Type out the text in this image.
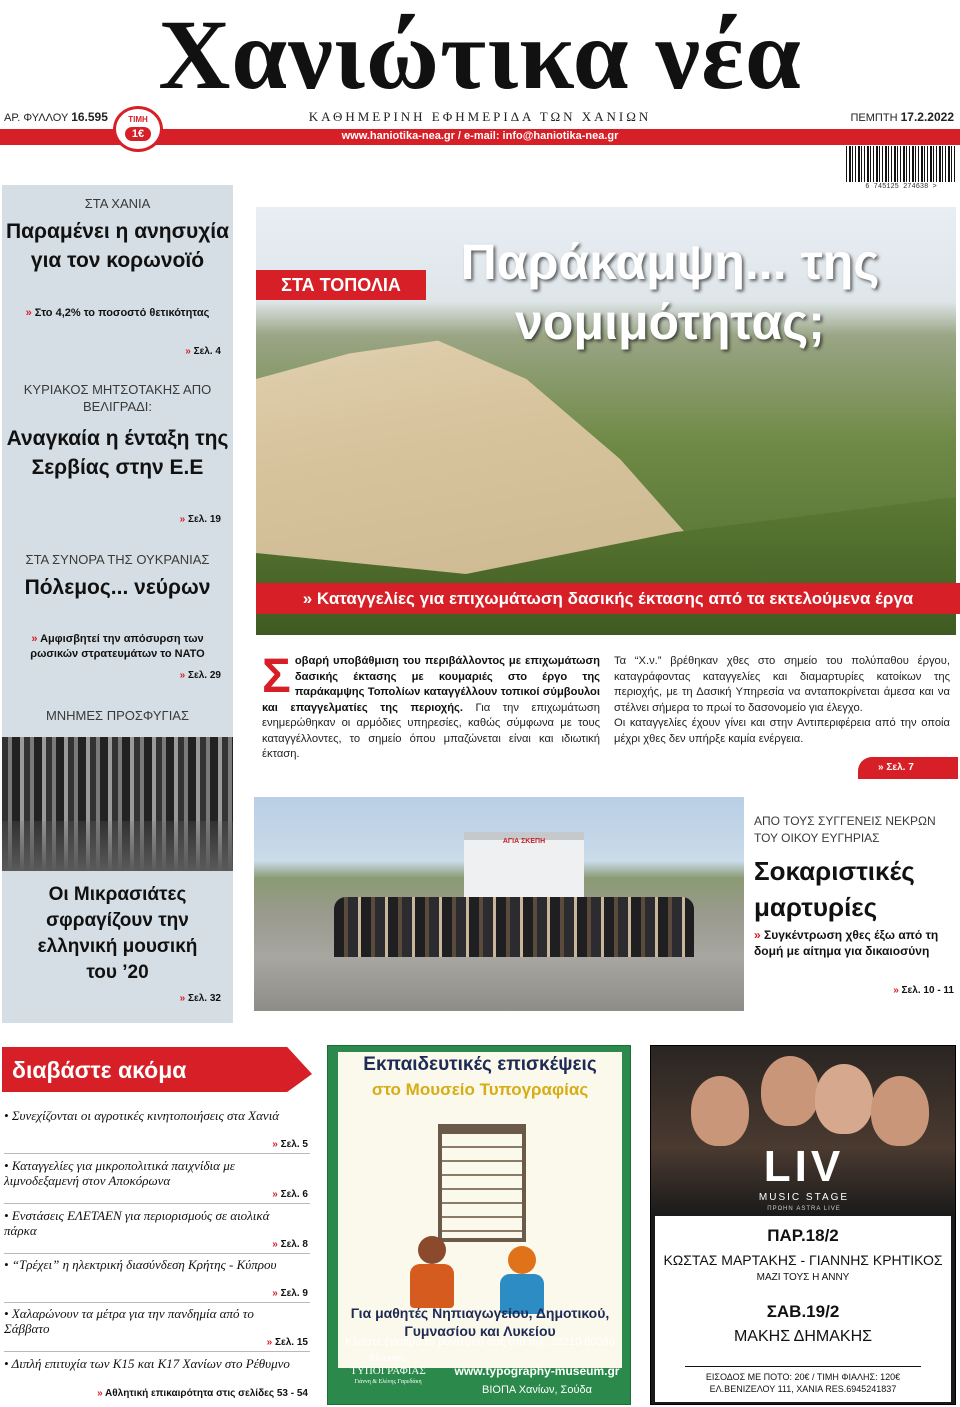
Χανιώτικα νέα
ΑΡ. ΦΥΛΛΟΥ 16.595	ΤΙΜΗ
1€
ΚΑΘΗΜΕΡΙΝΗ ΕΦΗΜΕΡΙΔΑ ΤΩΝ ΧΑΝΙΩΝ	ΠΕΜΠΤΗ 17.2.2022
www.haniotika-nea.gr / e-mail: info@haniotika-nea.gr
6 745125 274638 >
ΣΤΑ ΧΑΝΙΑ
Παραμένει η ανησυχία για τον κορωνοϊό
» Στο 4,2% το ποσοστό θετικότητας
» Σελ. 4
ΚΥΡΙΑΚΟΣ ΜΗΤΣΟΤΑΚΗΣ ΑΠΟ ΒΕΛΙΓΡΑΔΙ:
Αναγκαία η ένταξη της Σερβίας στην Ε.Ε
» Σελ. 19
ΣΤΑ ΣΥΝΟΡΑ ΤΗΣ ΟΥΚΡΑΝΙΑΣ
Πόλεμος... νεύρων
» Αμφισβητεί την απόσυρση των ρωσικών στρατευμάτων το ΝΑΤΟ
» Σελ. 29
ΜΝΗΜΕΣ ΠΡΟΣΦΥΓΙΑΣ
Οι Μικρασιάτες σφραγίζουν την ελληνική μουσική του ’20
» Σελ. 32
ΣΤΑ ΤΟΠΟΛΙΑ	Παράκαμψη... της νομιμότητας;
» Καταγγελίες για επιχωμάτωση δασικής έκτασης από τα εκτελούμενα έργα
Σοβαρή υποβάθμιση του περιβάλλοντος με επιχωμάτωση δασικής έκτασης με κουμαριές στο έργο της παράκαμψης Τοπολίων καταγγέλλουν τοπικοί σύμβουλοι και επαγγελματίες της περιοχής. Για την επιχωμάτωση ενημερώθηκαν οι αρμόδιες υπηρεσίες, καθώς σύμφωνα με τους καταγγέλλοντες, το σημείο όπου μπαζώνεται είναι και ιδιωτική έκταση.

Τα “Χ.ν.” βρέθηκαν χθες στο σημείο του πολύπαθου έργου, καταγράφοντας καταγγελίες και διαμαρτυρίες κατοίκων της περιοχής, με τη Δασική Υπηρεσία να ανταποκρίνεται άμεσα και να στέλνει σήμερα το πρωί το δασονομείο για έλεγχο.

Οι καταγγελίες έχουν γίνει και στην Αντιπεριφέρεια από την οποία μέχρι χθες δεν υπήρξε καμία ενέργεια.

» Σελ. 7
ΑΓΙΑ ΣΚΕΠΗ
ΑΠΟ ΤΟΥΣ ΣΥΓΓΕΝΕΙΣ ΝΕΚΡΩΝ ΤΟΥ ΟΙΚΟΥ ΕΥΓΗΡΙΑΣ
Σοκαριστικές μαρτυρίες
» Συγκέντρωση χθες έξω από τη δομή με αίτημα για δικαιοσύνη
» Σελ. 10 - 11
διαβάστε ακόμα
• Συνεχίζονται οι αγροτικές κινητοποιήσεις στα Χανιά
» Σελ. 5
• Καταγγελίες για μικροπολιτικά παιχνίδια με λιμνοδεξαμενή στον Αποκόρωνα
» Σελ. 6
• Ενστάσεις ΕΛΕΤΑΕΝ για περιορισμούς σε αιολικά πάρκα
» Σελ. 8
• “Τρέχει” η ηλεκτρική διασύνδεση Κρήτης - Κύπρου
» Σελ. 9
• Χαλαρώνουν τα μέτρα για την πανδημία από το Σάββατο
» Σελ. 15
• Διπλή επιτυχία των Κ15 και Κ17 Χανίων στο Ρέθυμνο
» Αθλητική επικαιρότητα στις σελίδες 53 - 54
Εκπαιδευτικές επισκέψεις
στο Μουσείο Τυπογραφίας
Για μαθητές Νηπιαγωγείου, Δημοτικού, Γυμνασίου και Λυκείου
Κλείστε έγκαιρα το ραντεβού σας στο τηλ. 28210 80090
Μουσείο
ΤΥΠΟΓΡΑΦΙΑΣ
Γιάννη & Ελένης Γαρεδάκη
www.typography-museum.gr
ΒΙΟΠΑ Χανίων, Σούδα
LIV
MUSIC STAGE
ΠΡΩΗΝ ASTRA LIVE
ΠΑΡ.18/2
ΚΩΣΤΑΣ ΜΑΡΤΑΚΗΣ - ΓΙΑΝΝΗΣ ΚΡΗΤΙΚΟΣ
ΜΑΖΙ ΤΟΥΣ Η ΑΝΝΥ
ΣΑΒ.19/2
ΜΑΚΗΣ ΔΗΜΑΚΗΣ
ΕΙΣΟΔΟΣ ΜΕ ΠΟΤΟ: 20€ / ΤΙΜΗ ΦΙΑΛΗΣ: 120€
ΕΛ.ΒΕΝΙΖΕΛΟΥ 111, ΧΑΝΙΑ RES.6945241837
